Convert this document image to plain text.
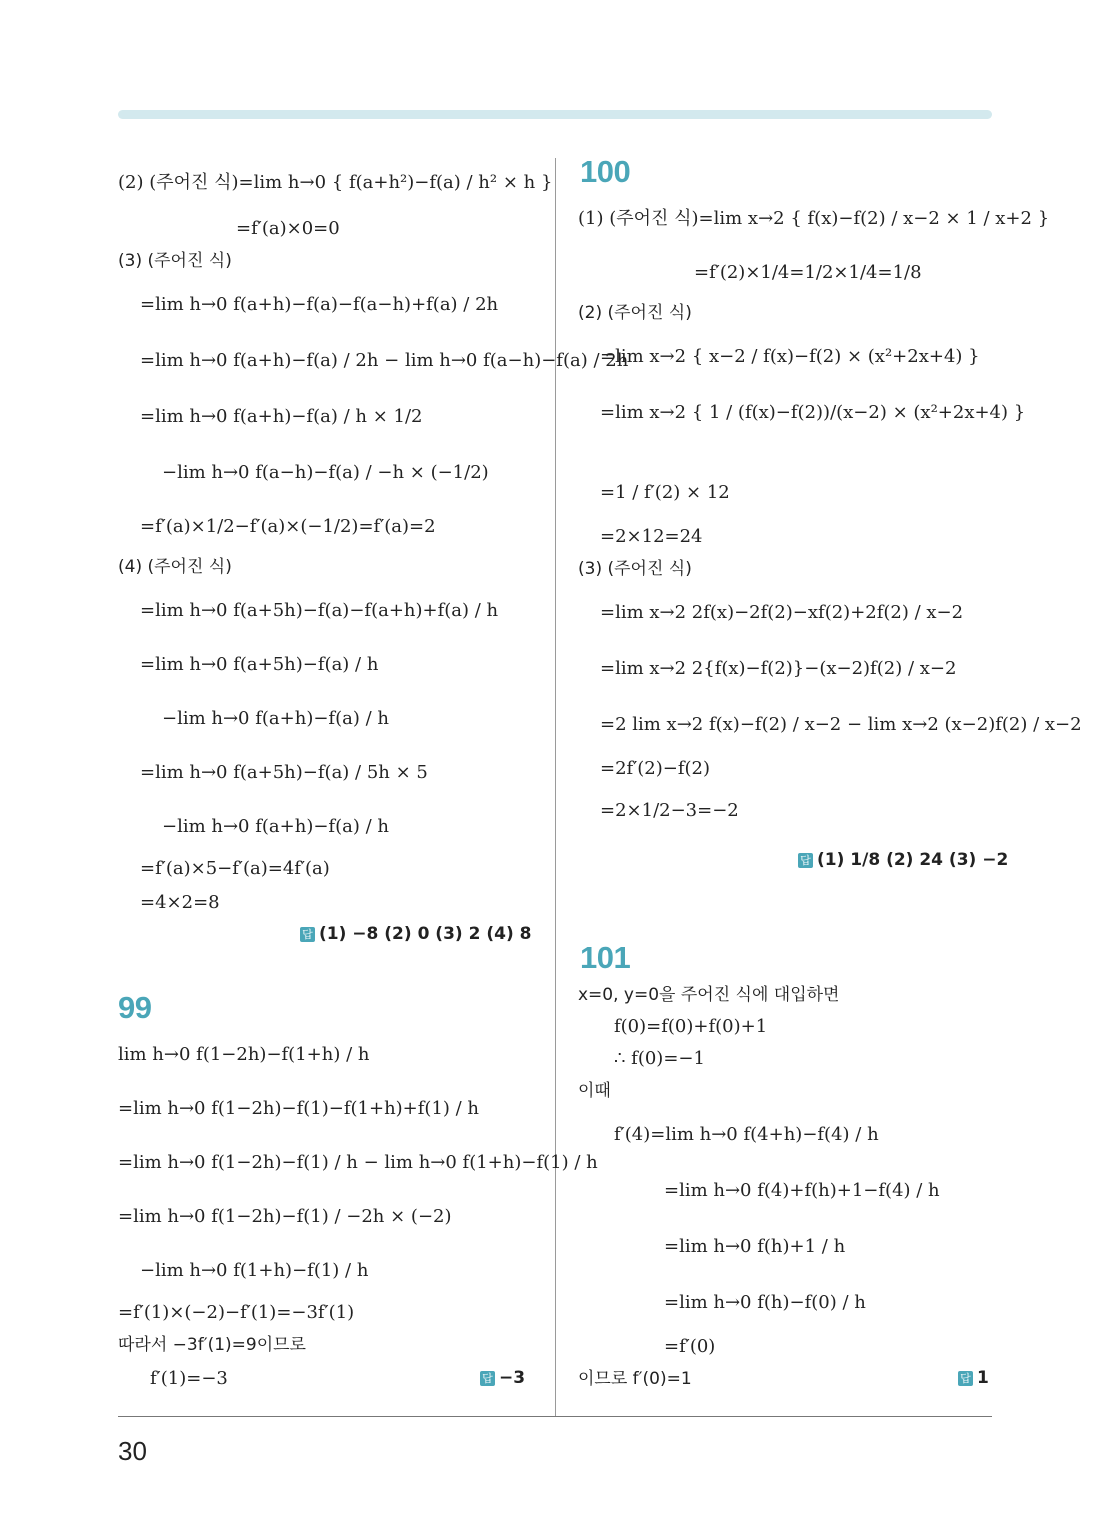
(2) (주어진 식)=lim h→0 { f(a+h²)−f(a) / h² × h }
=f′(a)×0=0
(3) (주어진 식)
=lim h→0 f(a+h)−f(a)−f(a−h)+f(a) / 2h
=lim h→0 f(a+h)−f(a) / 2h − lim h→0 f(a−h)−f(a) / 2h
=lim h→0 f(a+h)−f(a) / h × 1/2
−lim h→0 f(a−h)−f(a) / −h × (−1/2)
=f′(a)×1/2−f′(a)×(−1/2)=f′(a)=2
(4) (주어진 식)
=lim h→0 f(a+5h)−f(a)−f(a+h)+f(a) / h
=lim h→0 f(a+5h)−f(a) / h
−lim h→0 f(a+h)−f(a) / h
=lim h→0 f(a+5h)−f(a) / 5h × 5
−lim h→0 f(a+h)−f(a) / h
=f′(a)×5−f′(a)=4f′(a)
=4×2=8
답 (1) −8 (2) 0 (3) 2 (4) 8
99
lim h→0 f(1−2h)−f(1+h) / h
=lim h→0 f(1−2h)−f(1)−f(1+h)+f(1) / h
=lim h→0 f(1−2h)−f(1) / h − lim h→0 f(1+h)−f(1) / h
=lim h→0 f(1−2h)−f(1) / −2h × (−2)
−lim h→0 f(1+h)−f(1) / h
=f′(1)×(−2)−f′(1)=−3f′(1)
따라서 −3f′(1)=9이므로
f′(1)=−3	답 −3
100
(1) (주어진 식)=lim x→2 { f(x)−f(2) / x−2 × 1 / x+2 }
=f′(2)×1/4=1/2×1/4=1/8
(2) (주어진 식)
=lim x→2 { x−2 / f(x)−f(2) × (x²+2x+4) }
=lim x→2 { 1 / (f(x)−f(2))/(x−2) × (x²+2x+4) }
=1 / f′(2) × 12
=2×12=24
(3) (주어진 식)
=lim x→2 2f(x)−2f(2)−xf(2)+2f(2) / x−2
=lim x→2 2{f(x)−f(2)}−(x−2)f(2) / x−2
=2 lim x→2 f(x)−f(2) / x−2 − lim x→2 (x−2)f(2) / x−2
=2f′(2)−f(2)
=2×1/2−3=−2
답 (1) 1/8 (2) 24 (3) −2
101
x=0, y=0을 주어진 식에 대입하면
f(0)=f(0)+f(0)+1
∴ f(0)=−1
이때
f′(4)=lim h→0 f(4+h)−f(4) / h
=lim h→0 f(4)+f(h)+1−f(4) / h
=lim h→0 f(h)+1 / h
=lim h→0 f(h)−f(0) / h
=f′(0)
이므로 f′(0)=1	답 1
30
